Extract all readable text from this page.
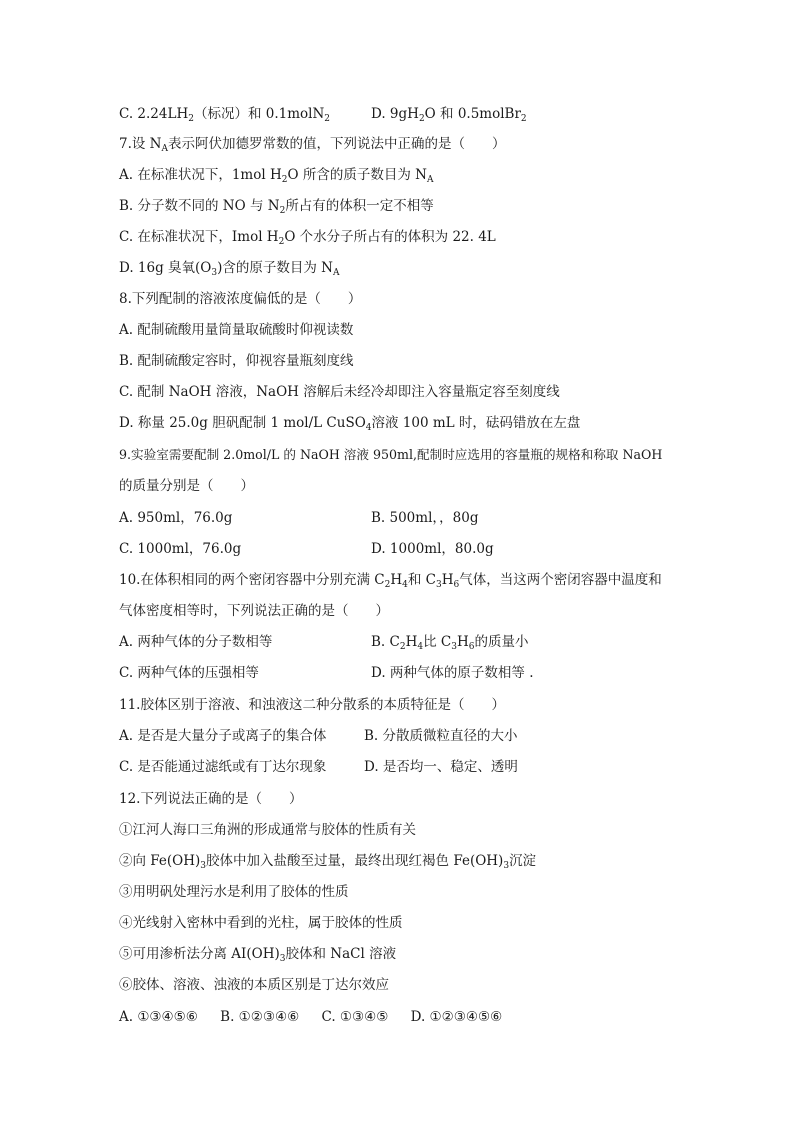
C. $2.24LH_2$（标况）和 0.1molN$_2$	D. $9gH_2O$ 和 0.5molBr$_2$
7.设 $N_A$表示阿伏加德罗常数的值，下列说法中正确的是（　　）
A. 在标准状况下，1mol $H_2O$ 所含的质子数目为 $N_A$
B. 分子数不同的 NO 与 $N_2$所占有的体积一定不相等
C. 在标准状况下，Imol $H_2O$ 个水分子所占有的体积为 22. 4L
D. 16g 臭氧$(O_3)$含的原子数目为 $N_A$
8.下列配制的溶液浓度偏低的是（　　）
A. 配制硫酸用量筒量取硫酸时仰视读数
B. 配制硫酸定容时，仰视容量瓶刻度线
C. 配制 NaOH 溶液，NaOH 溶解后未经冷却即注入容量瓶定容至刻度线
D. 称量 25.0g 胆矾配制 1 mol/L CuSO$_4$溶液 100 mL 时，砝码错放在左盘
9.实验室需要配制 2.0mol/L 的 NaOH 溶液 950ml,配制时应选用的容量瓶的规格和称取 NaOH
的质量分别是（　　）
A. 950ml，76.0g	B. 500ml，，80g
C. 1000ml，76.0g	D. 1000ml，80.0g
10.在体积相同的两个密闭容器中分别充满 $C_2H_4$和 $C_3H_6$气体，当这两个密闭容器中温度和
气体密度相等时，下列说法正确的是（　　）
A. 两种气体的分子数相等	B. $C_2H_4$比 $C_3H_6$的质量小
C. 两种气体的压强相等	D. 两种气体的原子数相等 .
11.胶体区别于溶液、和浊液这二种分散系的本质特征是（　　）
A. 是否是大量分子或离子的集合体	B. 分散质微粒直径的大小
C. 是否能通过滤纸或有丁达尔现象	D. 是否均一、稳定、透明
12.下列说法正确的是（　　）
①江河人海口三角洲的形成通常与胶体的性质有关
②向 $Fe(OH)_3$胶体中加入盐酸至过量，最终出现红褐色 $Fe(OH)_3$沉淀
③用明矾处理污水是利用了胶体的性质
④光线射入密林中看到的光柱，属于胶体的性质
⑤可用渗析法分离 $AI(OH)_3$胶体和 NaCl 溶液
⑥胶体、溶液、浊液的本质区别是丁达尔效应
A. ①③④⑤⑥ B. ①②③④⑥ C. ①③④⑤ D. ①②③④⑤⑥
